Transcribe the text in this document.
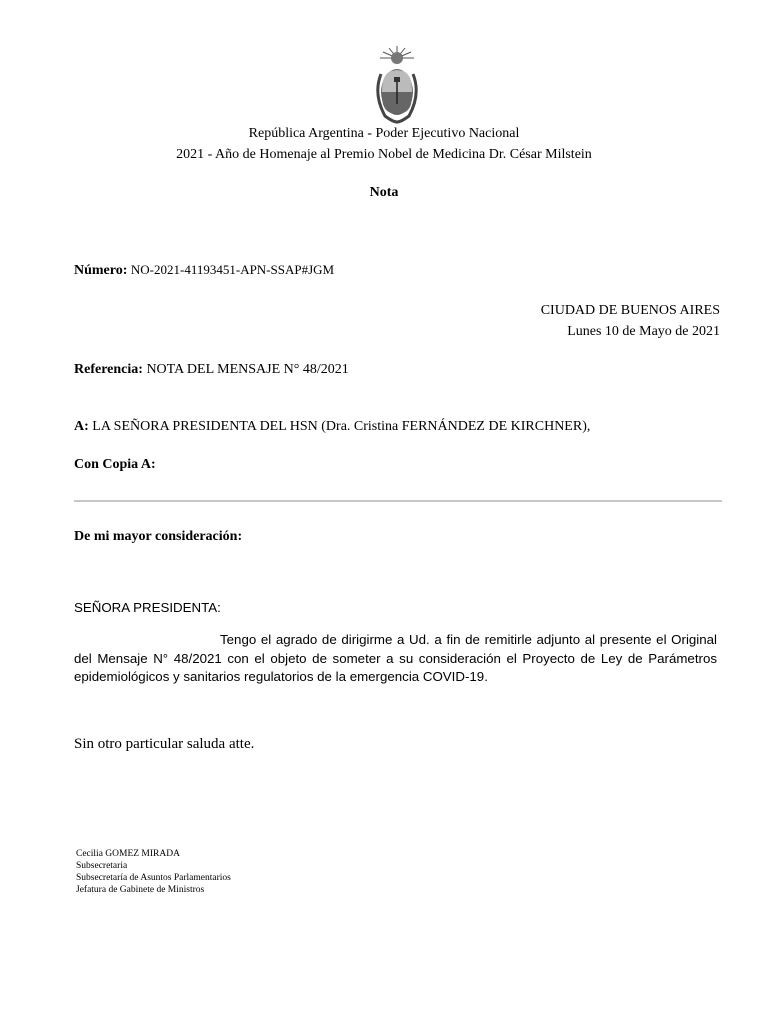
República Argentina - Poder Ejecutivo Nacional
2021 - Año de Homenaje al Premio Nobel de Medicina Dr. César Milstein
Nota
Número: NO-2021-41193451-APN-SSAP#JGM
CIUDAD DE BUENOS AIRES
Lunes 10 de Mayo de 2021
Referencia: NOTA DEL MENSAJE N° 48/2021
A: LA SEÑORA PRESIDENTA DEL HSN (Dra. Cristina FERNÁNDEZ DE KIRCHNER),
Con Copia A:
De mi mayor consideración:
SEÑORA PRESIDENTA:
Tengo el agrado de dirigirme a Ud. a fin de remitirle adjunto al presente el Original del Mensaje N° 48/2021 con el objeto de someter a su consideración el Proyecto de Ley de Parámetros epidemiológicos y sanitarios regulatorios de la emergencia COVID-19.
Sin otro particular saluda atte.
Cecilia GOMEZ MIRADA
Subsecretaria
Subsecretaría de Asuntos Parlamentarios
Jefatura de Gabinete de Ministros
